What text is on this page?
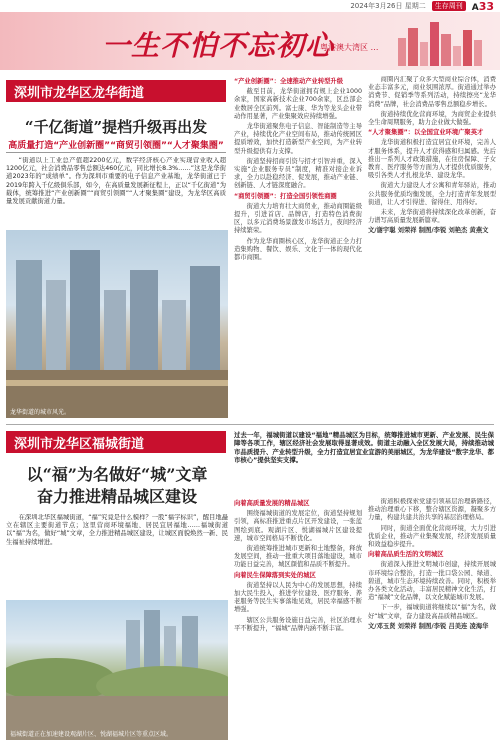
2024年3月26日 星期二	生存周刊	A33
一生不怕不忘初心
粤港澳大湾区 …
深圳市龙华区龙华街道
“千亿街道”提档升级再出发
高质量打造“产业创新圈”“商贸引领圈”“人才聚集圈”

“街道以上工业总产值超2200亿元，数字经济核心产业实现营业收入超1200亿元，社会消费品零售总额达460亿元，同比增长8.3%……”这是龙华街道2023年的“成绩单”。作为深圳市重要的电子信息产业基地，龙华街道已于2019年跨入千亿级俱乐部，如今，在高质量发展新征程上，正以“千亿街道”为载体，统筹推进“产业创新圈”“商贸引领圈”“人才聚集圈”建设，为龙华区高质量发展贡献街道力量。

龙华街道的城市风光。

“产业创新圈”：全速推动产业转型升级

截至目前，龙华街道拥有规上企业1000余家，国家高新技术企业700余家，区总部企业数居全区前列。富士康、华为等龙头企业带动作用显著，产业集聚效应持续增强。

龙华街道聚焦电子信息、智能制造等主导产业，持续优化产业空间布局，推动传统园区提质增效，加快打造新型产业空间，为产业转型升级提供有力支撑。

街道坚持招商引资与招才引智并重，深入实施“企业服务专员”制度，精准对接企业诉求，全力以赴稳经济、促发展，推动产业链、创新链、人才链深度融合。

“商贸引领圈”：打造全国引领性商圈

街道大力培育壮大商贸业，推动商圈能级提升，引进首店、品牌店，打造特色消费街区，以多元消费场景激发市场活力，夜间经济持续繁荣。

作为龙华商圈核心区，龙华街道正全力打造集购物、餐饮、娱乐、文化于一体的现代化都市商圈。

商圈内汇聚了众多大型商业综合体，消费业态丰富多元，商业氛围浓厚。街道通过举办消费节、促销季等系列活动，持续擦亮“龙华消费”品牌，社会消费品零售总额稳步增长。

街道持续优化营商环境，为商贸企业提供全生命周期服务，助力企业做大做强。

“人才聚集圈”：以全国宜业环境广聚英才

龙华街道积极打造宜居宜业环境，完善人才服务体系，提升人才获得感和归属感。先后推出一系列人才政策措施，在住房保障、子女教育、医疗服务等方面为人才提供优质服务，吸引各类人才扎根龙华、建设龙华。

街道大力建设人才公寓和青年驿站，推动公共服务优质均衡发展，全力打造青年发展型街道，让人才引得进、留得住、用得好。

未来，龙华街道将持续深化改革创新，奋力谱写高质量发展新篇章。

文/谢宇聪 刘荣祥 制图/李锐 刘艳杰 黄燕文

深圳市龙华区福城街道
以“福”为名做好“城”文章
奋力推进精品城区建设

在深圳北华区福城街道，“福”究竟是什么模样？一股“福字标识”，醒目地矗立在辖区主要街道节点；这里营商环境福地、居民宜居福地……福城街道以“福”为名，做好“城”文章，全力推进精品城区建设，让城区面貌焕然一新、民生福祉持续增进。

福城街道正在加速建设观湖片区、悦湖福城片区等重点区域。
过去一年，福城街道以建设“福地”精品城区为目标，统筹推进城市更新、产业发展、民生保障等各项工作，辖区经济社会发展取得显著成效。街道主动融入全区发展大局，持续推动城市品质提升、产业转型升级，全力打造宜居宜业宜游的美丽城区，为龙华建设“数字龙华、都市核心”提供坚实支撑。

向着高质量发展的精品城区

围绕福城街道的发展定位，街道坚持规划引领，高标准推进重点片区开发建设，一张蓝图绘到底。观湖片区、悦湖福城片区建设提速，城市空间格局不断优化。

街道统筹推进城市更新和土地整备，释放发展空间，推动一批重大项目落地建设，城市功能日益完善，城区颜值和品质不断提升。

向着民生保障落到实处的城区

街道坚持以人民为中心的发展思想，持续加大民生投入，推进学位建设、医疗服务、养老服务等民生实事落地见效，居民幸福感不断增强。

辖区公共服务设施日益完善，社区治理水平不断提升，“福城”品牌内涵不断丰富。

街道积极探索党建引领基层治理新路径，推动治理重心下移，整合辖区资源，凝聚多方力量，构建共建共治共享的基层治理格局。

同时，街道全面优化营商环境，大力引进优质企业，推动产业集聚发展，经济发展质量和效益稳步提升。

向着高品质生活的文明城区

街道深入推进文明城市创建，持续开展城市环境综合整治，打造一批口袋公园、绿道、碧道，城市生态环境持续改善。同时，积极举办各类文化活动，丰富居民精神文化生活，打造“福城”文化品牌，以文化赋能城市发展。

下一步，福城街道将继续以“福”为名，做好“城”文章，奋力建设高品质精品城区。

文/邓玉贤 刘荣祥 制图/李锐 吕美连 凌海华
